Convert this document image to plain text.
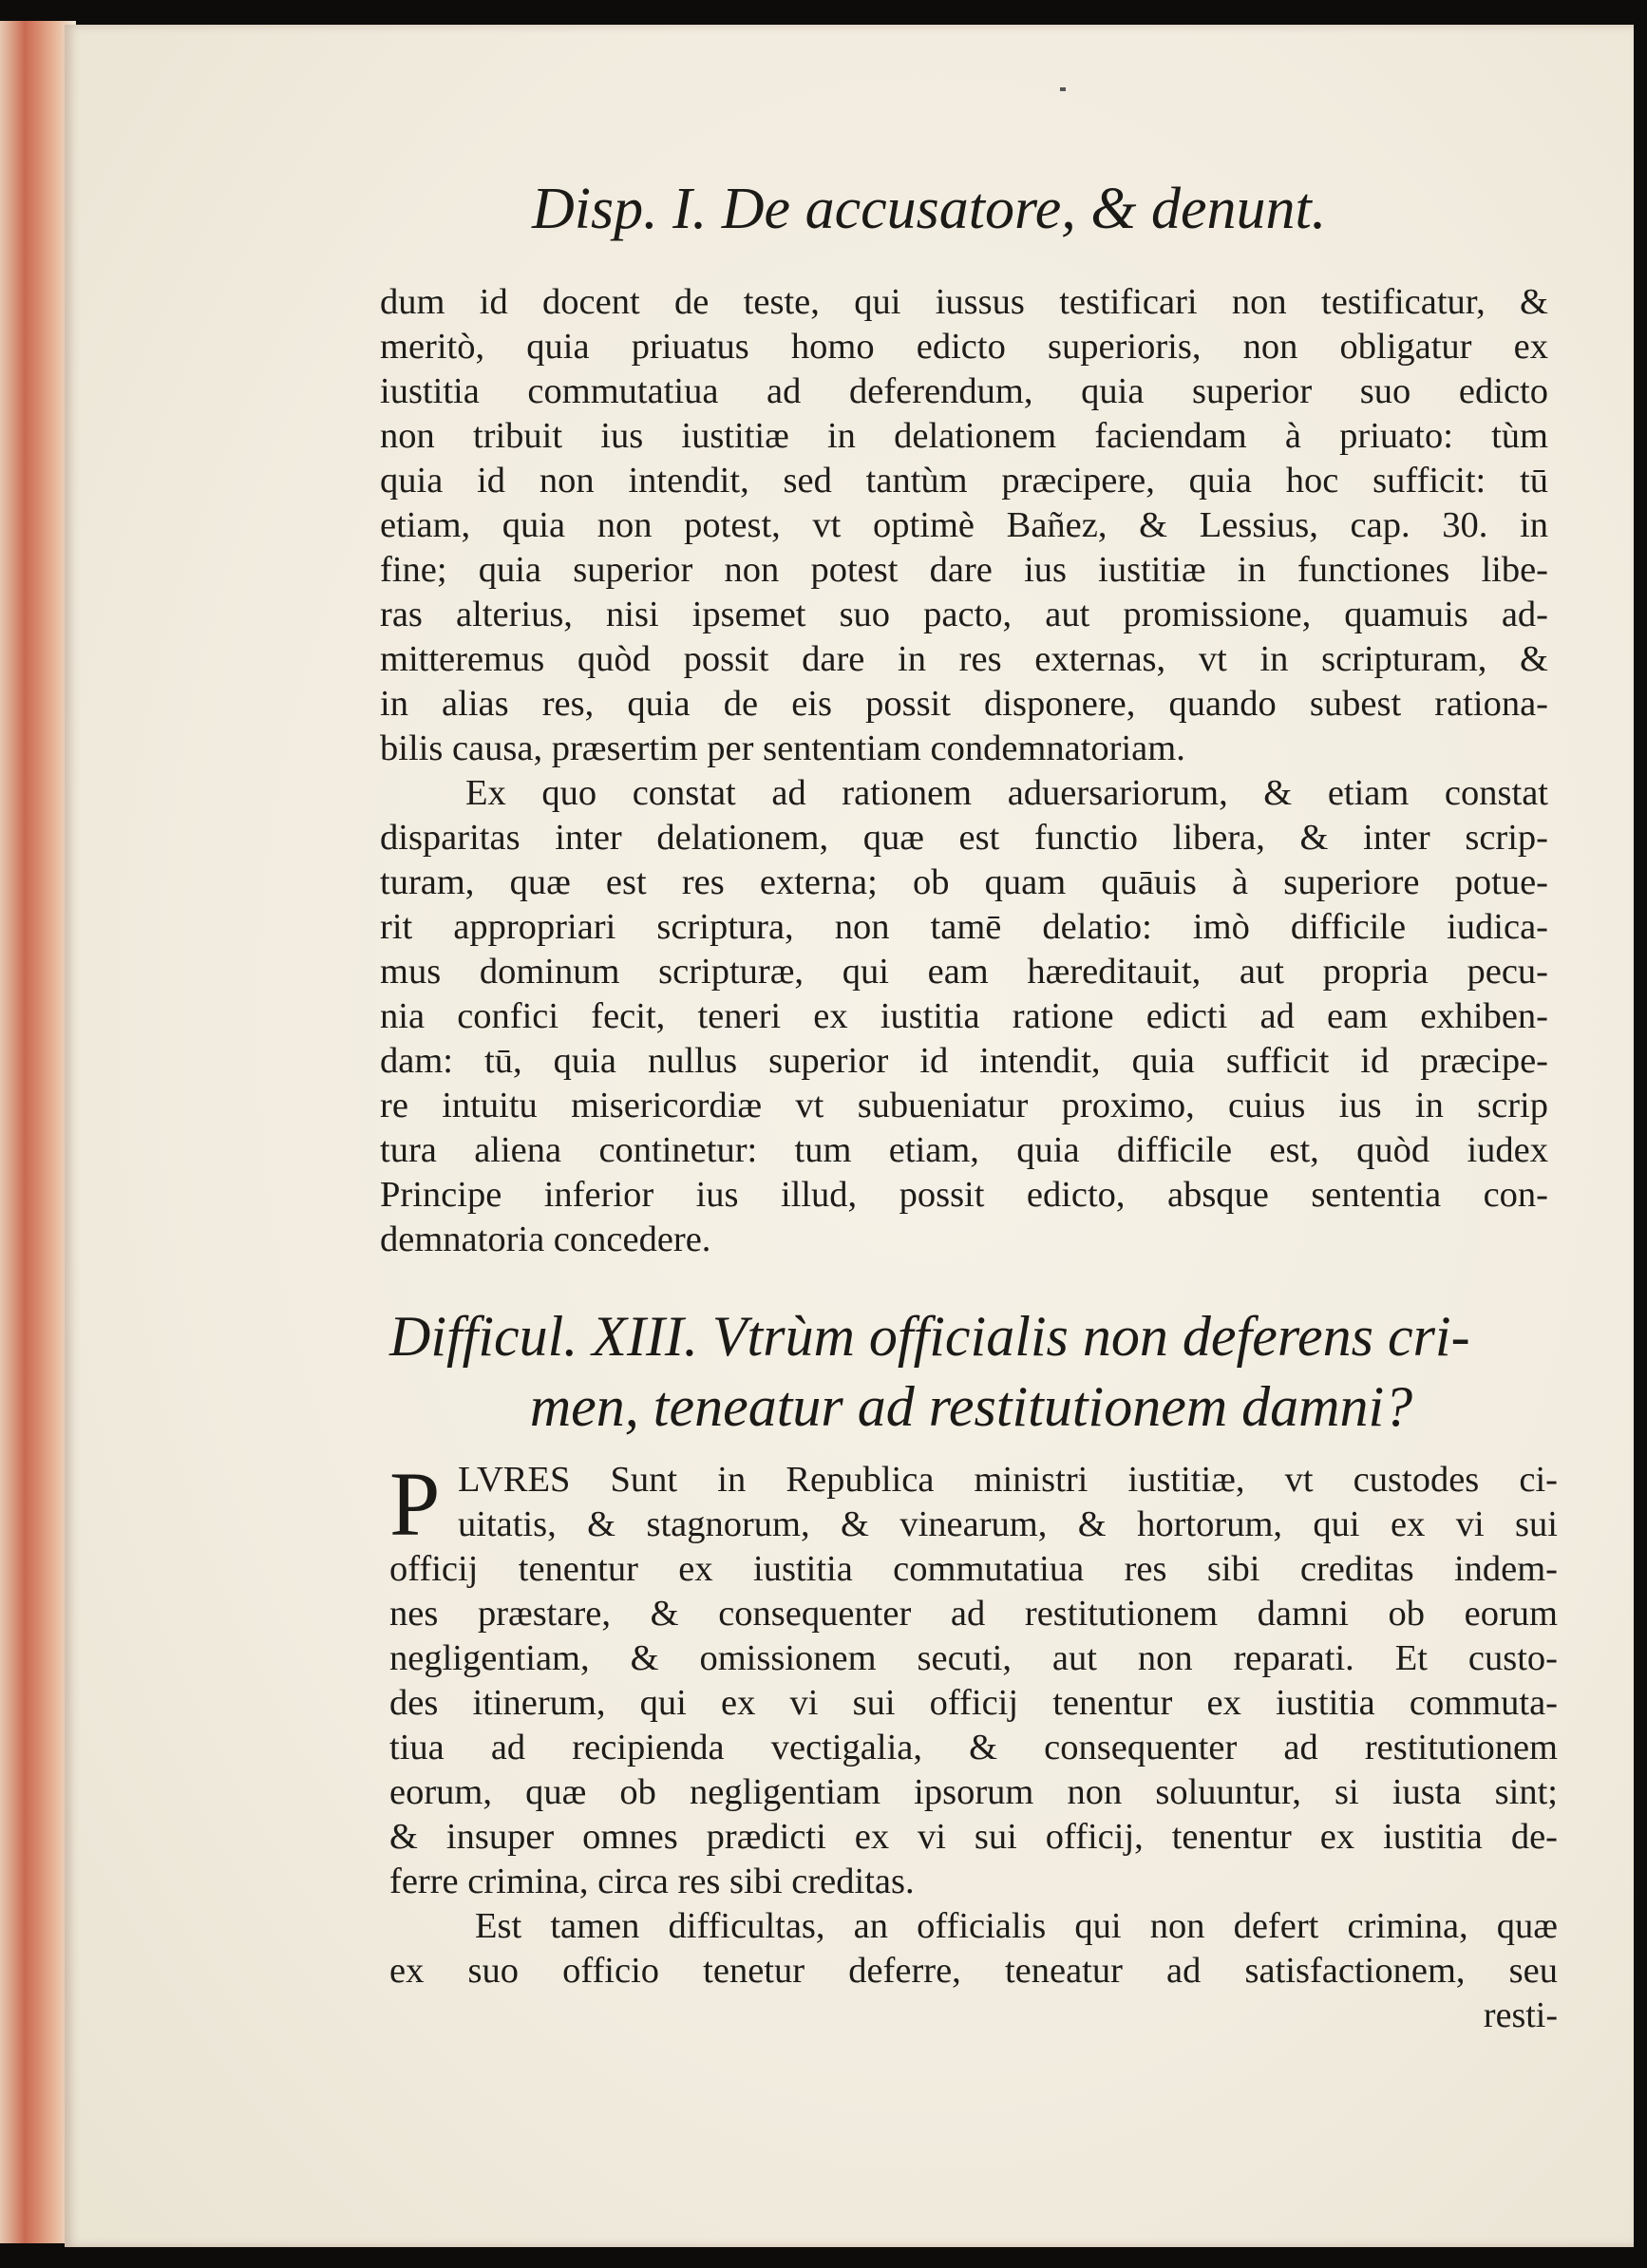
Disp. I. De accusatore, & denunt.
dum id docent de teste, qui iussus testificari non testificatur, &
meritò, quia priuatus homo edicto superioris, non obligatur ex
iustitia commutatiua ad deferendum, quia superior suo edicto
non tribuit ius iustitiæ in delationem faciendam à priuato: tùm
quia id non intendit, sed tantùm præcipere, quia hoc sufficit: tū
etiam, quia non potest, vt optimè Bañez, & Lessius, cap. 30. in
fine; quia superior non potest dare ius iustitiæ in functiones libe-
ras alterius, nisi ipsemet suo pacto, aut promissione, quamuis ad-
mitteremus quòd possit dare in res externas, vt in scripturam, &
in alias res, quia de eis possit disponere, quando subest rationa-
bilis causa, præsertim per sententiam condemnatoriam.
Ex quo constat ad rationem aduersariorum, & etiam constat
disparitas inter delationem, quæ est functio libera, & inter scrip-
turam, quæ est res externa; ob quam quāuis à superiore potue-
rit appropriari scriptura, non tamē delatio: imò difficile iudica-
mus dominum scripturæ, qui eam hæreditauit, aut propria pecu-
nia confici fecit, teneri ex iustitia ratione edicti ad eam exhiben-
dam: tū, quia nullus superior id intendit, quia sufficit id præcipe-
re intuitu misericordiæ vt subueniatur proximo, cuius ius in scrip
tura aliena continetur: tum etiam, quia difficile est, quòd iudex
Principe inferior ius illud, possit edicto, absque sententia con-
demnatoria concedere.
Difficul. XIII. Vtrùm officialis non deferens cri-
men, teneatur ad restitutionem damni?
P LVRES Sunt in Republica ministri iustitiæ, vt custodes ci-
uitatis, & stagnorum, & vinearum, & hortorum, qui ex vi sui
officij tenentur ex iustitia commutatiua res sibi creditas indem-
nes præstare, & consequenter ad restitutionem damni ob eorum
negligentiam, & omissionem secuti, aut non reparati. Et custo-
des itinerum, qui ex vi sui officij tenentur ex iustitia commuta-
tiua ad recipienda vectigalia, & consequenter ad restitutionem
eorum, quæ ob negligentiam ipsorum non soluuntur, si iusta sint;
& insuper omnes prædicti ex vi sui officij, tenentur ex iustitia de-
ferre crimina, circa res sibi creditas.
Est tamen difficultas, an officialis qui non defert crimina, quæ
ex suo officio tenetur deferre, teneatur ad satisfactionem, seu
resti-
